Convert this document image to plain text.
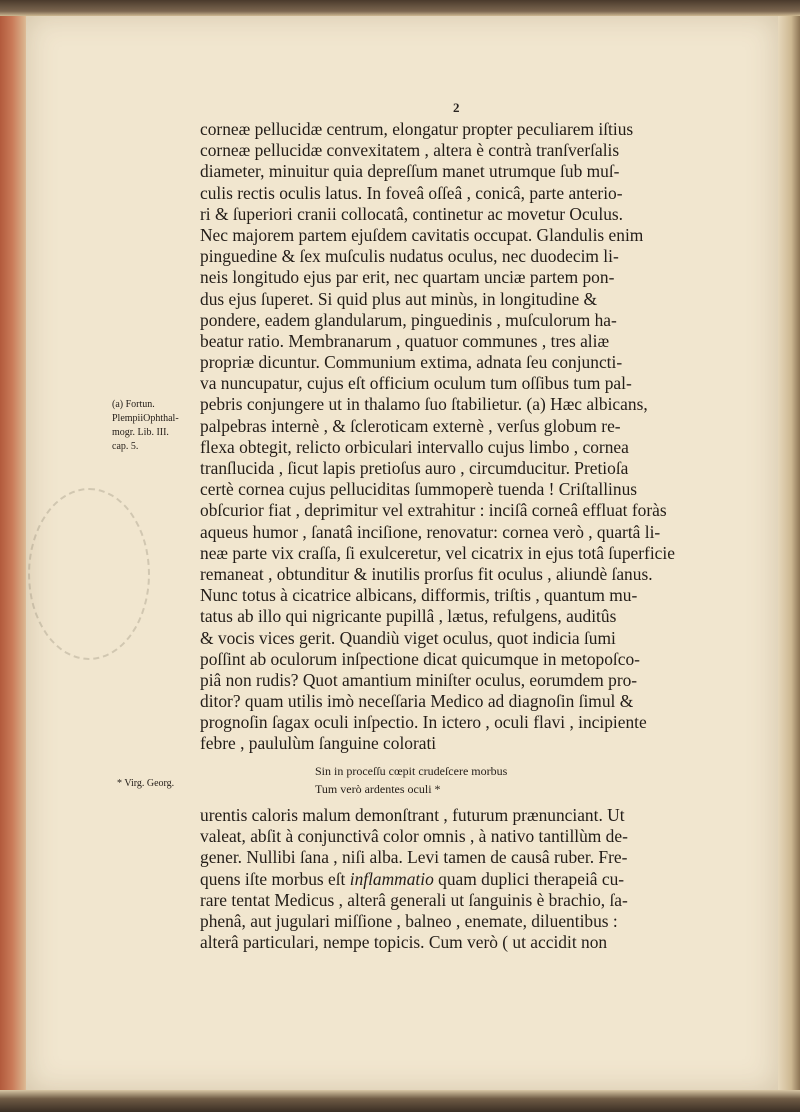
2
corneæ pellucidæ centrum, elongatur propter peculiarem iſtius
corneæ pellucidæ convexitatem , altera è contrà tranſverſalis
diameter, minuitur quia depreſſum manet utrumque ſub muſ-
culis rectis oculis latus. In foveâ oſſeâ , conicâ, parte anterio-
ri & ſuperiori cranii collocatâ, continetur ac movetur Oculus.
Nec majorem partem ejuſdem cavitatis occupat. Glandulis enim
pinguedine & ſex muſculis nudatus oculus, nec duodecim li-
neis longitudo ejus par erit, nec quartam unciæ partem pon-
dus ejus ſuperet. Si quid plus aut minùs, in longitudine &
pondere, eadem glandularum, pinguedinis , muſculorum ha-
beatur ratio. Membranarum , quatuor communes , tres aliæ
propriæ dicuntur. Communium extima, adnata ſeu conjuncti-
va nuncupatur, cujus eſt officium oculum tum oſſibus tum pal-
pebris conjungere ut in thalamo ſuo ſtabilietur. (a) Hæc albicans,
palpebras internè , & ſcleroticam externè , verſus globum re-
flexa obtegit, relicto orbiculari intervallo cujus limbo , cornea
tranſlucida , ſicut lapis pretioſus auro , circumducitur. Pretioſa
certè cornea cujus pelluciditas ſummoperè tuenda ! Criſtallinus
obſcurior fiat , deprimitur vel extrahitur : inciſâ corneâ effluat foràs
aqueus humor , ſanatâ inciſione, renovatur: cornea verò , quartâ li-
neæ parte vix craſſa, ſi exulceretur, vel cicatrix in ejus totâ ſuperficie
remaneat , obtunditur & inutilis prorſus fit oculus , aliundè ſanus.
Nunc totus à cicatrice albicans, difformis, triſtis , quantum mu-
tatus ab illo qui nigricante pupillâ , lætus, refulgens, auditûs
& vocis vices gerit. Quandiù viget oculus, quot indicia ſumi
poſſint ab oculorum inſpectione dicat quicumque in metopoſco-
piâ non rudis? Quot amantium miniſter oculus, eorumdem pro-
ditor? quam utilis imò neceſſaria Medico ad diagnoſin ſimul &
prognoſin ſagax oculi inſpectio. In ictero , oculi flavi , incipiente
febre , paululùm ſanguine colorati
Sin in proceſſu cœpit crudeſcere morbus
Tum verò ardentes oculi *
urentis caloris malum demonſtrant , futurum prænunciant. Ut
valeat, abſit à conjunctivâ color omnis , à nativo tantillùm de-
gener. Nullibi ſana , niſi alba. Levi tamen de causâ ruber. Fre-
quens iſte morbus eſt inflammatio quam duplici therapeiâ cu-
rare tentat Medicus , alterâ generali ut ſanguinis è brachio, ſa-
phenâ, aut jugulari miſſione , balneo , enemate, diluentibus :
alterâ particulari, nempe topicis. Cum verò ( ut accidit non
(a) Fortun.
PlempiiOphthal-
mogr. Lib. III.
cap. 5.
* Virg. Georg.
